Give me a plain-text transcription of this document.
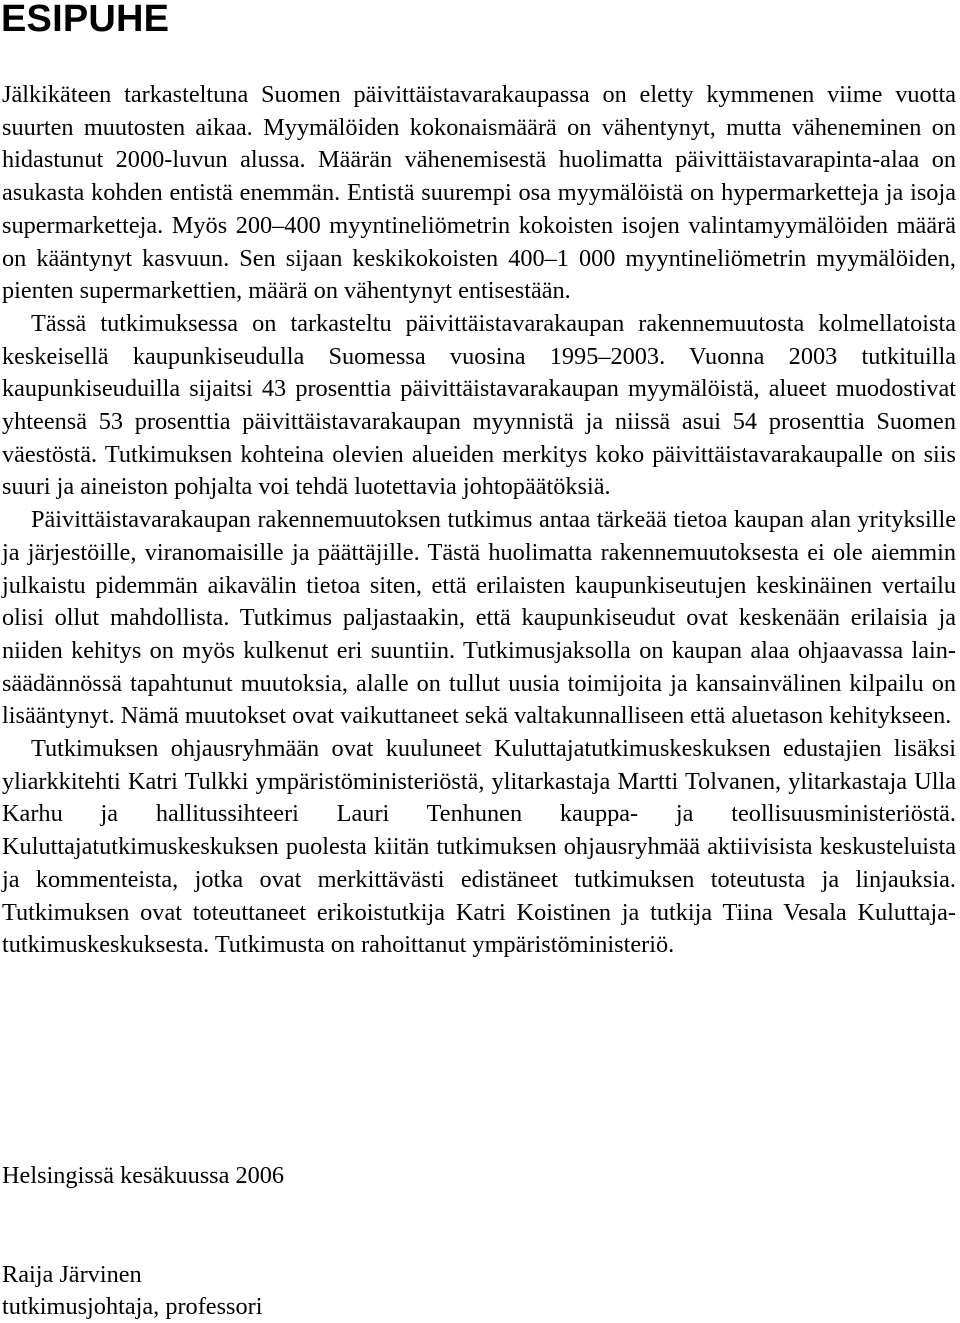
ESIPUHE

Jälkikäteen tarkasteltuna Suomen päivittäistavarakaupassa on eletty kymmenen viime vuotta suurten muutosten aikaa. Myymälöiden kokonaismäärä on vähentynyt, mutta väheneminen on hidastunut 2000-luvun alussa. Määrän vähenemisestä huolimatta päivittäistavarapinta-alaa on asukasta kohden entistä enemmän. Entistä suurempi osa myymälöistä on hypermarketteja ja isoja supermarketteja. Myös 200–400 myyntineliömetrin kokoisten isojen valintamyymälöiden määrä on kääntynyt kasvuun. Sen sijaan keskikokoisten 400–1 000 myyntineliömetrin myymälöiden, pienten supermarkettien, määrä on vähentynyt entisestään.

Tässä tutkimuksessa on tarkasteltu päivittäistavarakaupan rakennemuutosta kolmellatoista keskeisellä kaupunkiseudulla Suomessa vuosina 1995–2003. Vuonna 2003 tutkituilla kaupunkiseuduilla sijaitsi 43 prosenttia päivittäistavarakaupan myymälöistä, alueet muodostivat yhteensä 53 prosenttia päivittäistavarakaupan myynnistä ja niissä asui 54 prosenttia Suomen väestöstä. Tutkimuksen kohteina olevien alueiden merkitys koko päivittäistavarakaupalle on siis suuri ja aineiston pohjalta voi tehdä luotettavia johtopäätöksiä.

Päivittäistavarakaupan rakennemuutoksen tutkimus antaa tärkeää tietoa kaupan alan yrityksille ja järjestöille, viranomaisille ja päättäjille. Tästä huolimatta rakennemuutoksesta ei ole aiemmin julkaistu pidemmän aikavälin tietoa siten, että erilaisten kaupunkiseutujen keskinäinen vertailu olisi ollut mahdollista. Tutkimus paljastaakin, että kaupunkiseudut ovat keskenään erilaisia ja niiden kehitys on myös kulkenut eri suuntiin. Tutkimusjaksolla on kaupan alaa ohjaavassa lainsäädännössä tapahtunut muutoksia, alalle on tullut uusia toimijoita ja kansainvälinen kilpailu on lisääntynyt. Nämä muutokset ovat vaikuttaneet sekä valtakunnalliseen että aluetason kehitykseen.

Tutkimuksen ohjausryhmään ovat kuuluneet Kuluttajatutkimuskeskuksen edustajien lisäksi yliarkkitehti Katri Tulkki ympäristöministeriöstä, ylitarkastaja Martti Tolvanen, ylitarkastaja Ulla Karhu ja hallitussihteeri Lauri Tenhunen kauppa- ja teollisuusministeriöstä. Kuluttajatutkimuskeskuksen puolesta kiitän tutkimuksen ohjausryhmää aktiivisista keskusteluista ja kommenteista, jotka ovat merkittävästi edistäneet tutkimuksen toteutusta ja linjauksia. Tutkimuksen ovat toteuttaneet erikoistutkija Katri Koistinen ja tutkija Tiina Vesala Kuluttajatutkimuskeskuksesta. Tutkimusta on rahoittanut ympäristöministeriö.

Helsingissä kesäkuussa 2006
Raija Järvinen
tutkimusjohtaja, professori
